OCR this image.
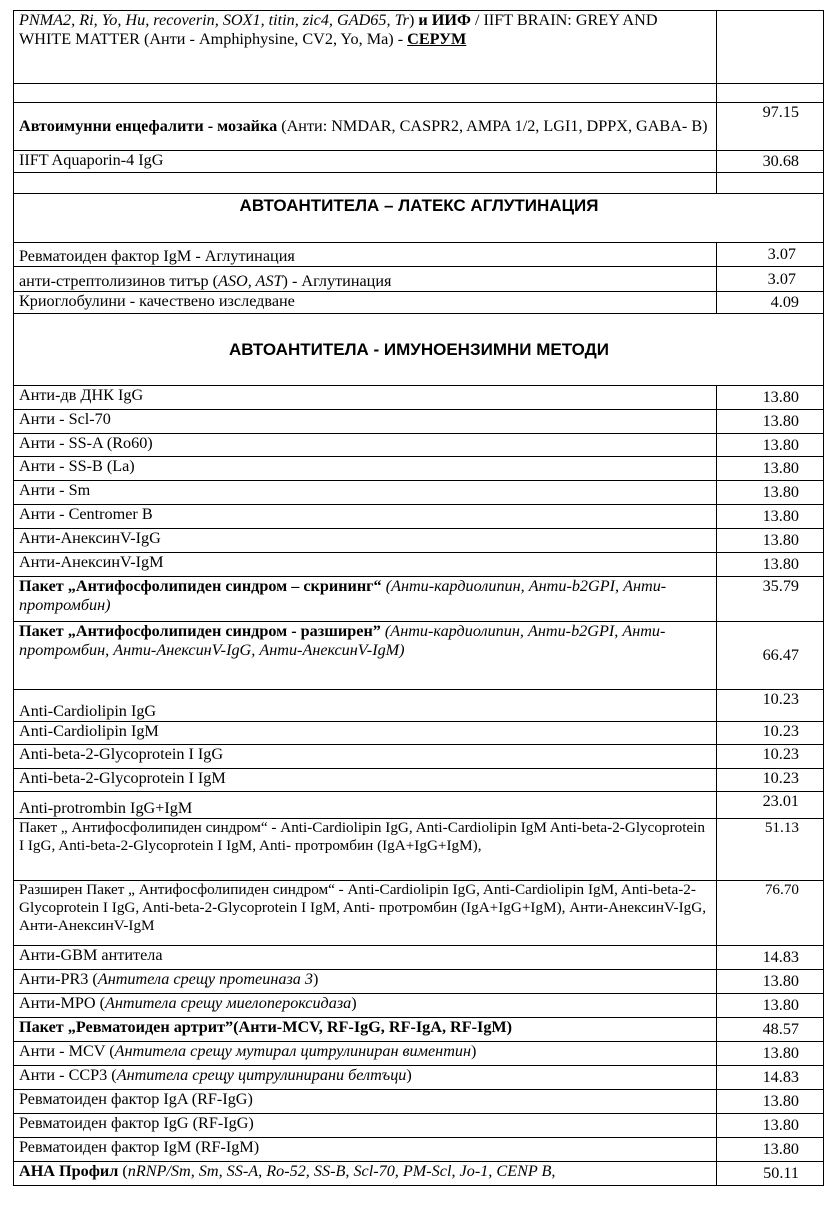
PNMA2, Ri, Yo, Hu, recoverin, SOX1, titin, zic4, GAD65, Tr) и ИИФ / IIFT BRAIN: GREY AND WHITE MATTER (Анти - Amphiphysine, CV2, Yo, Ma) - СЕРУМ	

Автоимунни енцефалити - мозайка (Анти: NMDAR, CASPR2, AMPA 1/2, LGI1, DPPX, GABA- B)	97.15
IIFT Aquaporin-4 IgG	30.68

АВТОАНТИТЕЛА – ЛАТЕКС АГЛУТИНАЦИЯ	
Ревматоиден фактор IgM - Аглутинация	3.07
анти-стрептолизинов титър (ASO, AST) - Аглутинация	3.07
Криоглобулини - качествено изследване	4.09
АВТОАНТИТЕЛА - ИМУНОЕНЗИМНИ МЕТОДИ	
Анти-дв ДНК IgG	13.80
Анти - Scl-70	13.80
Анти - SS-A (Ro60)	13.80
Анти - SS-B (La)	13.80
Анти - Sm	13.80
Анти - Centromer B	13.80
Анти-АнексинV-IgG	13.80
Анти-АнексинV-IgM	13.80
Пакет „Антифосфолипиден синдром – скрининг“ (Анти-кардиолипин, Анти-b2GPI, Анти-протромбин)	35.79
Пакет „Антифосфолипиден синдром - разширен” (Анти-кардиолипин, Анти-b2GPI, Анти-протромбин, Анти-АнексинV-IgG, Анти-АнексинV-IgM)	66.47
Anti-Cardiolipin IgG	10.23
Anti-Cardiolipin IgM	10.23
Anti-beta-2-Glycoprotein I IgG	10.23
Anti-beta-2-Glycoprotein I IgM	10.23
Anti-protrombin IgG+IgM	23.01
Пакет „ Антифосфолипиден синдром“ - Anti-Cardiolipin IgG, Anti-Cardiolipin IgM Anti-beta-2-Glycoprotein I IgG, Anti-beta-2-Glycoprotein I IgM, Anti- протромбин (IgA+IgG+IgM),	51.13
Разширен Пакет „ Антифосфолипиден синдром“ - Anti-Cardiolipin IgG, Anti-Cardiolipin IgM, Anti-beta-2-Glycoprotein I IgG, Anti-beta-2-Glycoprotein I IgM, Anti- протромбин (IgA+IgG+IgM), Анти-АнексинV-IgG, Анти-АнексинV-IgM	76.70
Анти-GBM антитела	14.83
Анти-PR3 (Антитела срещу протеиназа 3)	13.80
Анти-MPO (Антитела срещу миелопероксидаза)	13.80
Пакет „Ревматоиден артрит”(Анти-MCV, RF-IgG, RF-IgA, RF-IgM)	48.57
Анти - MCV (Антитела срещу мутирал цитрулиниран виментин)	13.80
Анти - CCP3 (Антитела срещу цитрулинирани белтъци)	14.83
Ревматоиден фактор IgA (RF-IgG)	13.80
Ревматоиден фактор IgG (RF-IgG)	13.80
Ревматоиден фактор IgM (RF-IgM)	13.80
АНА Профил (nRNP/Sm, Sm, SS-A, Ro-52, SS-B, Scl-70, PM-Scl, Jo-1, CENP B,	50.11
